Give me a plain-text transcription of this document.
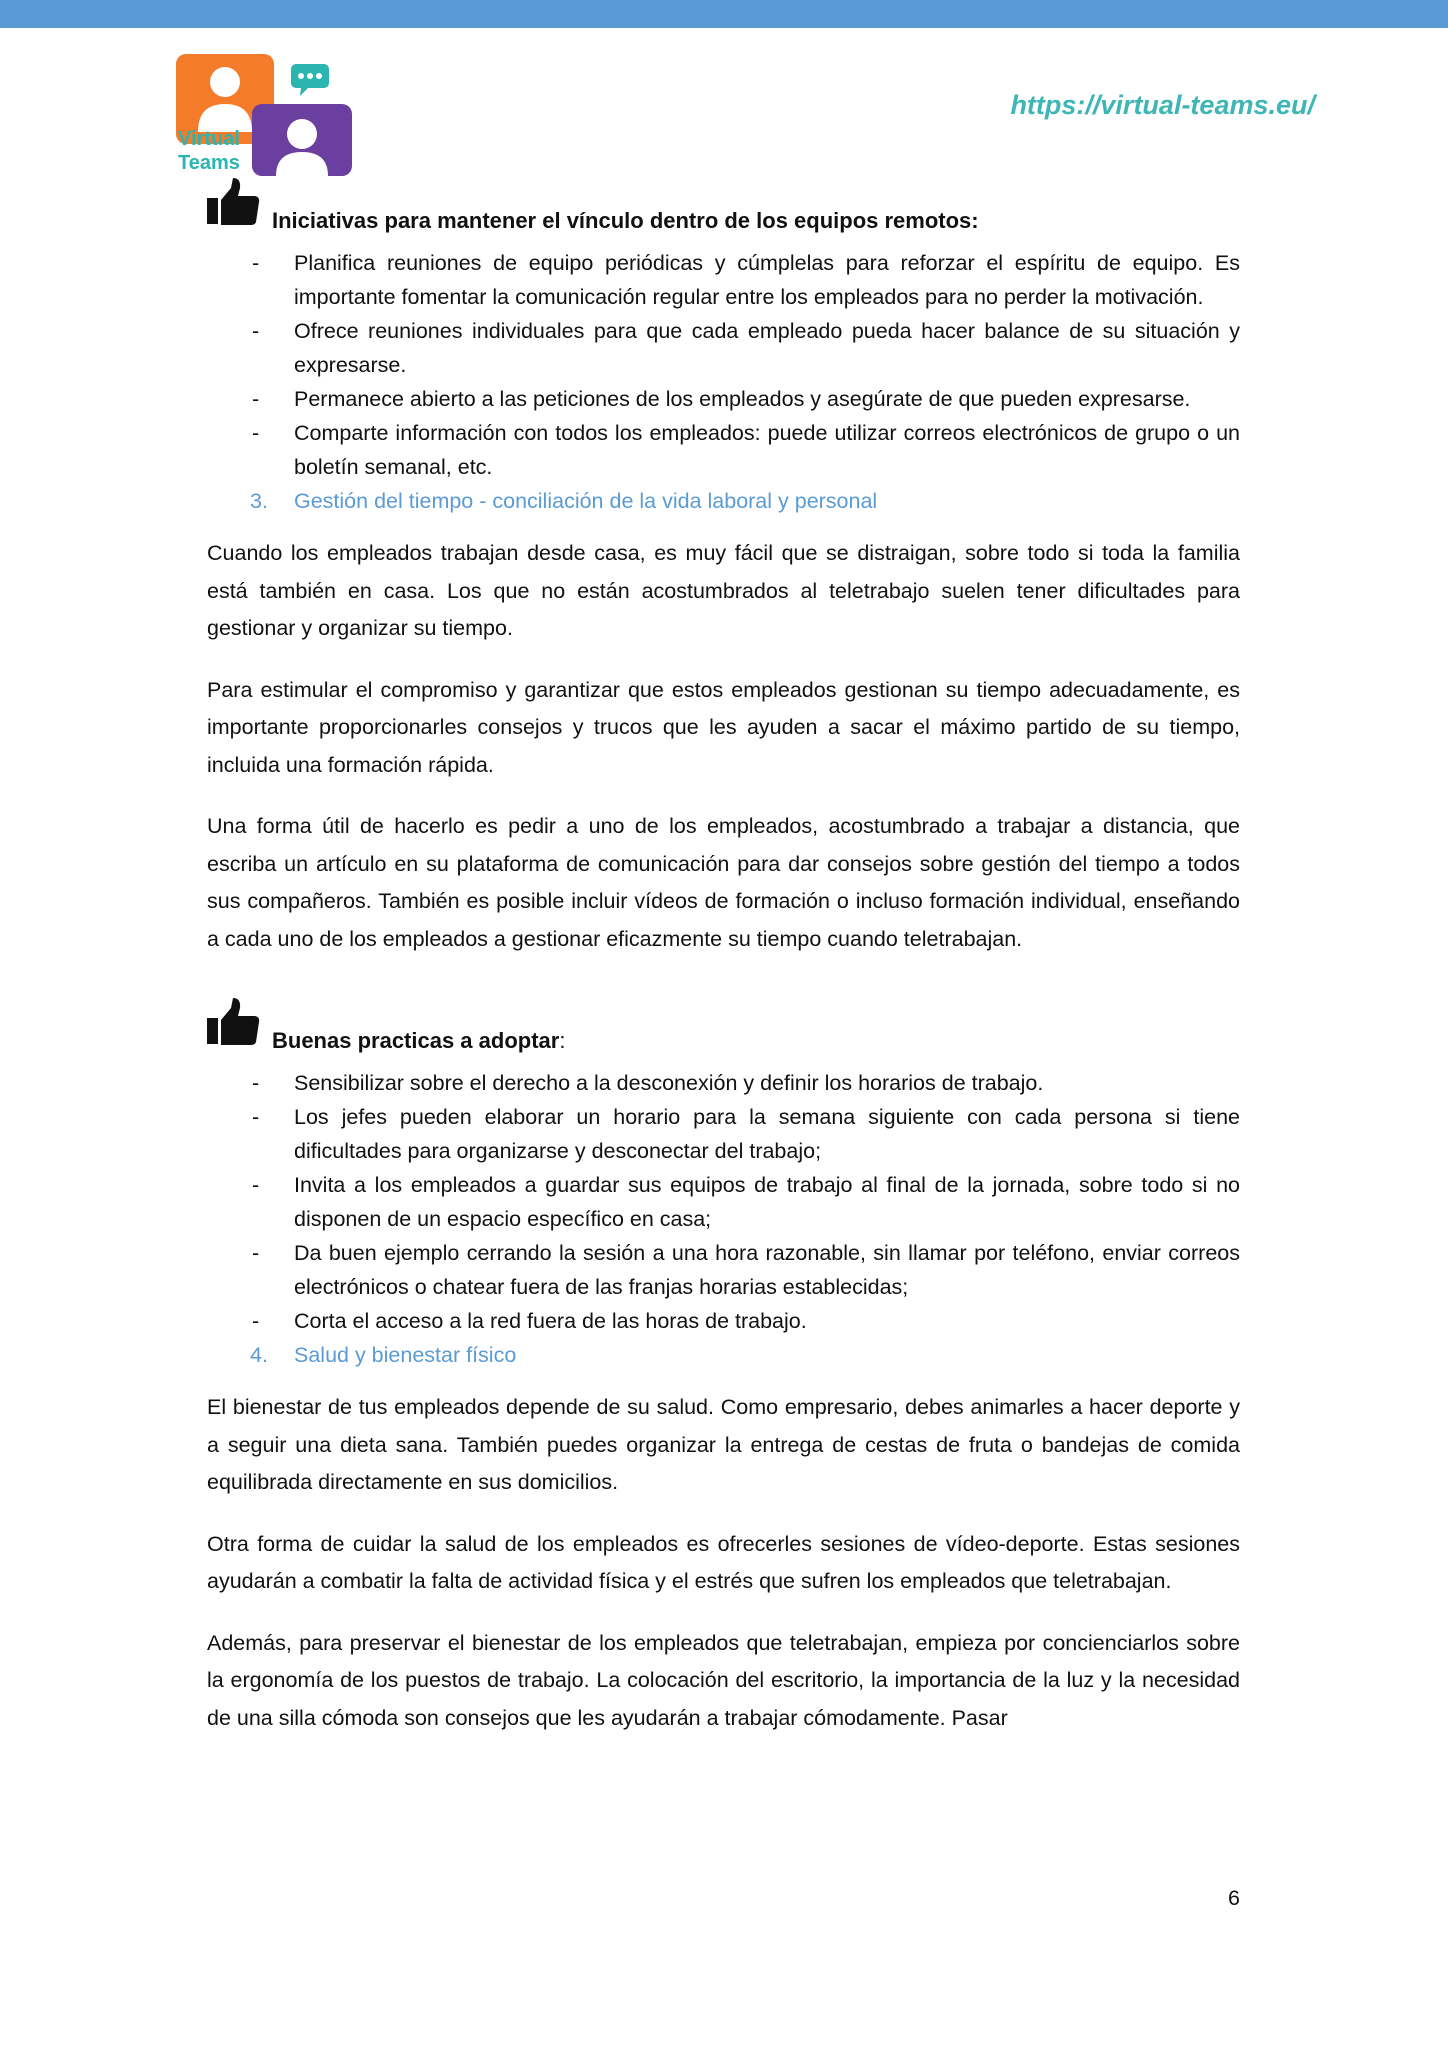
Virtual
Teams
https://virtual-teams.eu/
Iniciativas para mantener el vínculo dentro de los equipos remotos:
- Planifica reuniones de equipo periódicas y cúmplelas para reforzar el espíritu de equipo. Es importante fomentar la comunicación regular entre los empleados para no perder la motivación.
- Ofrece reuniones individuales para que cada empleado pueda hacer balance de su situación y expresarse.
- Permanece abierto a las peticiones de los empleados y asegúrate de que pueden expresarse.
- Comparte información con todos los empleados: puede utilizar correos electrónicos de grupo o un boletín semanal, etc.
3. Gestión del tiempo - conciliación de la vida laboral y personal

Cuando los empleados trabajan desde casa, es muy fácil que se distraigan, sobre todo si toda la familia está también en casa. Los que no están acostumbrados al teletrabajo suelen tener dificultades para gestionar y organizar su tiempo.

Para estimular el compromiso y garantizar que estos empleados gestionan su tiempo adecuadamente, es importante proporcionarles consejos y trucos que les ayuden a sacar el máximo partido de su tiempo, incluida una formación rápida.

Una forma útil de hacerlo es pedir a uno de los empleados, acostumbrado a trabajar a distancia, que escriba un artículo en su plataforma de comunicación para dar consejos sobre gestión del tiempo a todos sus compañeros. También es posible incluir vídeos de formación o incluso formación individual, enseñando a cada uno de los empleados a gestionar eficazmente su tiempo cuando teletrabajan.

Buenas practicas a adoptar:
- Sensibilizar sobre el derecho a la desconexión y definir los horarios de trabajo.
- Los jefes pueden elaborar un horario para la semana siguiente con cada persona si tiene dificultades para organizarse y desconectar del trabajo;
- Invita a los empleados a guardar sus equipos de trabajo al final de la jornada, sobre todo si no disponen de un espacio específico en casa;
- Da buen ejemplo cerrando la sesión a una hora razonable, sin llamar por teléfono, enviar correos electrónicos o chatear fuera de las franjas horarias establecidas;
- Corta el acceso a la red fuera de las horas de trabajo.
4. Salud y bienestar físico

El bienestar de tus empleados depende de su salud. Como empresario, debes animarles a hacer deporte y a seguir una dieta sana. También puedes organizar la entrega de cestas de fruta o bandejas de comida equilibrada directamente en sus domicilios.

Otra forma de cuidar la salud de los empleados es ofrecerles sesiones de vídeo-deporte. Estas sesiones ayudarán a combatir la falta de actividad física y el estrés que sufren los empleados que teletrabajan.

Además, para preservar el bienestar de los empleados que teletrabajan, empieza por concienciarlos sobre la ergonomía de los puestos de trabajo. La colocación del escritorio, la importancia de la luz y la necesidad de una silla cómoda son consejos que les ayudarán a trabajar cómodamente. Pasar

6
